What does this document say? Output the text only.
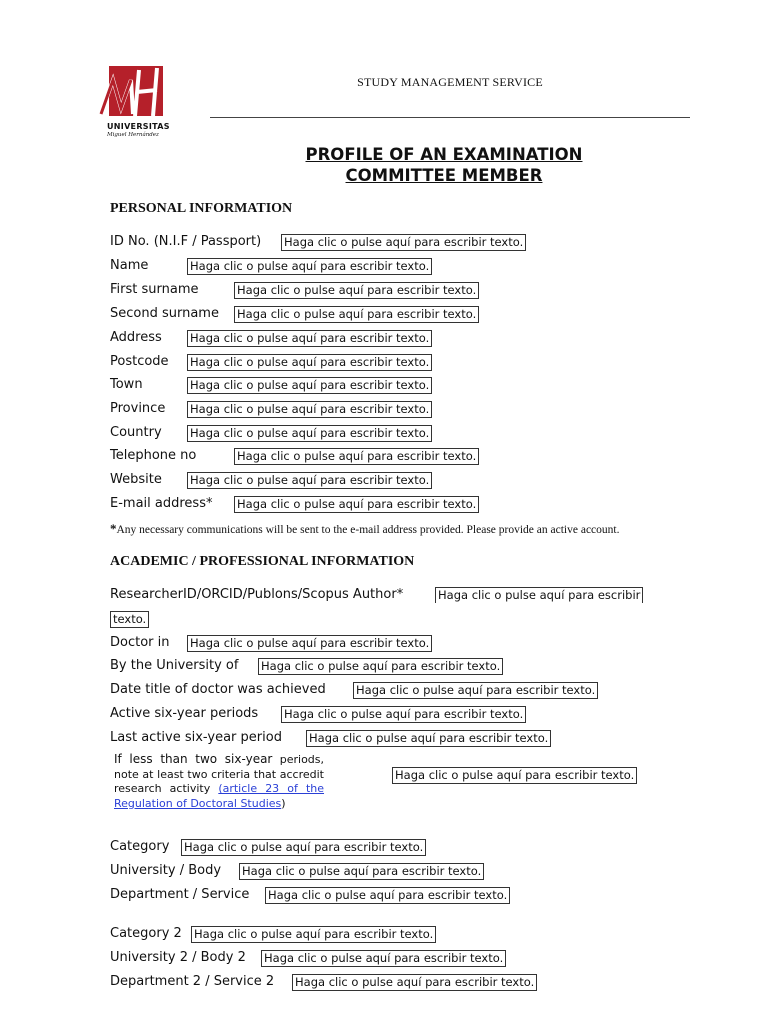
UNIVERSITAS
Miguel Hernández
STUDY MANAGEMENT SERVICE
PROFILE OF AN EXAMINATION
COMMITTEE MEMBER
PERSONAL INFORMATION
ID No. (N.I.F / Passport) Haga clic o pulse aquí para escribir texto.
Name	Haga clic o pulse aquí para escribir texto.
First surname	Haga clic o pulse aquí para escribir texto.
Second surname Haga clic o pulse aquí para escribir texto.
Address Haga clic o pulse aquí para escribir texto.
Postcode Haga clic o pulse aquí para escribir texto.
Town	Haga clic o pulse aquí para escribir texto.
Province Haga clic o pulse aquí para escribir texto.
Country Haga clic o pulse aquí para escribir texto.
Telephone no	Haga clic o pulse aquí para escribir texto.
Website Haga clic o pulse aquí para escribir texto.
E-mail address* Haga clic o pulse aquí para escribir texto.
*Any necessary communications will be sent to the e-mail address provided. Please provide an active account.
ACADEMIC / PROFESSIONAL INFORMATION
ResearcherID/ORCID/Publons/Scopus Author*	Haga clic o pulse aquí para escribir
texto.
Doctor in Haga clic o pulse aquí para escribir texto.
By the University of Haga clic o pulse aquí para escribir texto.
Date title of doctor was achieved	Haga clic o pulse aquí para escribir texto.
Active six-year periods Haga clic o pulse aquí para escribir texto.
Last active six-year period Haga clic o pulse aquí para escribir texto.
If less than two six-year periods, note at least two criteria that accredit research activity (article 23 of the Regulation of Doctoral Studies)
Haga clic o pulse aquí para escribir texto.
Category Haga clic o pulse aquí para escribir texto.
University / Body Haga clic o pulse aquí para escribir texto.
Department / Service Haga clic o pulse aquí para escribir texto.
Category 2 Haga clic o pulse aquí para escribir texto.
University 2 / Body 2 Haga clic o pulse aquí para escribir texto.
Department 2 / Service 2 Haga clic o pulse aquí para escribir texto.
